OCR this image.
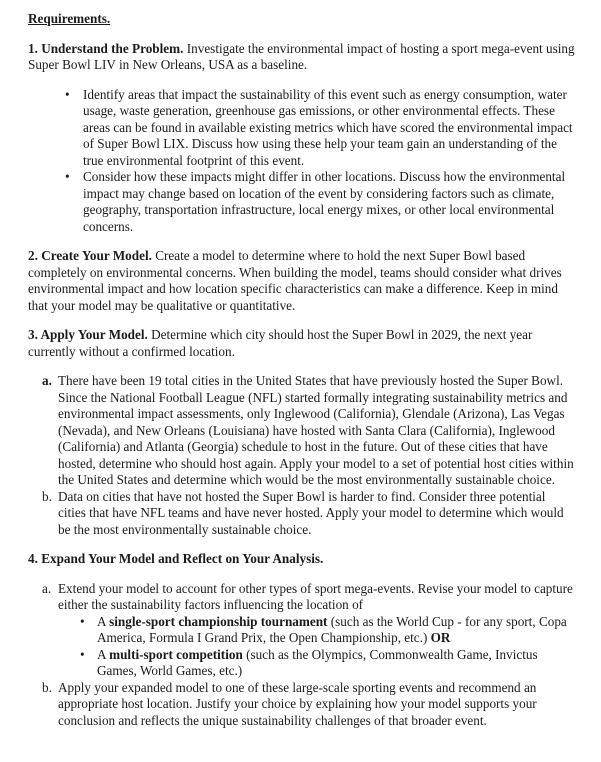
Requirements.

1. Understand the Problem. Investigate the environmental impact of hosting a sport mega-event using Super Bowl LIV in New Orleans, USA as a baseline.

•	Identify areas that impact the sustainability of this event such as energy consumption, water usage, waste generation, greenhouse gas emissions, or other environmental effects. These areas can be found in available existing metrics which have scored the environmental impact of Super Bowl LIX. Discuss how using these help your team gain an understanding of the true environmental footprint of this event.
•	Consider how these impacts might differ in other locations. Discuss how the environmental impact may change based on location of the event by considering factors such as climate, geography, transportation infrastructure, local energy mixes, or other local environmental concerns.

2. Create Your Model. Create a model to determine where to hold the next Super Bowl based completely on environmental concerns. When building the model, teams should consider what drives environmental impact and how location specific characteristics can make a difference. Keep in mind that your model may be qualitative or quantitative.

3. Apply Your Model. Determine which city should host the Super Bowl in 2029, the next year currently without a confirmed location.

a. There have been 19 total cities in the United States that have previously hosted the Super Bowl. Since the National Football League (NFL) started formally integrating sustainability metrics and environmental impact assessments, only Inglewood (California), Glendale (Arizona), Las Vegas (Nevada), and New Orleans (Louisiana) have hosted with Santa Clara (California), Inglewood (California) and Atlanta (Georgia) schedule to host in the future. Out of these cities that have hosted, determine who should host again. Apply your model to a set of potential host cities within the United States and determine which would be the most environmentally sustainable choice.
b. Data on cities that have not hosted the Super Bowl is harder to find. Consider three potential cities that have NFL teams and have never hosted. Apply your model to determine which would be the most environmentally sustainable choice.

4. Expand Your Model and Reflect on Your Analysis.

a. Extend your model to account for other types of sport mega-events. Revise your model to capture either the sustainability factors influencing the location of
• A single-sport championship tournament (such as the World Cup - for any sport, Copa America, Formula I Grand Prix, the Open Championship, etc.) OR
• A multi-sport competition (such as the Olympics, Commonwealth Game, Invictus Games, World Games, etc.)
b. Apply your expanded model to one of these large-scale sporting events and recommend an appropriate host location. Justify your choice by explaining how your model supports your conclusion and reflects the unique sustainability challenges of that broader event.
